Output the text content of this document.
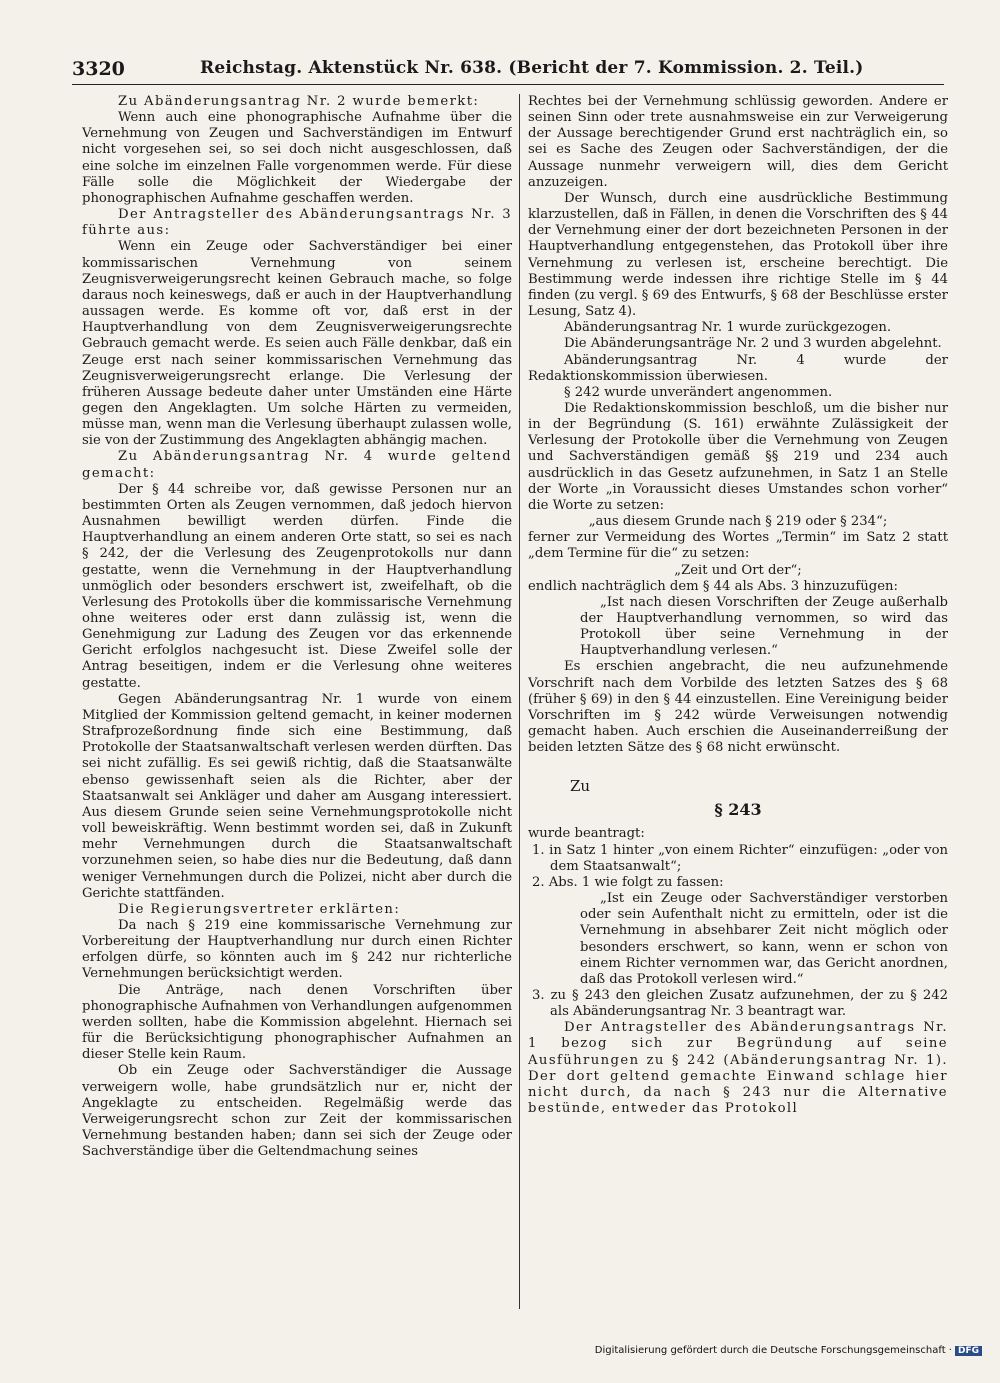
3320	Reichstag. Aktenstück Nr. 638. (Bericht der 7. Kommission. 2. Teil.)

Zu Abänderungsantrag Nr. 2 wurde bemerkt:

Wenn auch eine phonographische Aufnahme über die Vernehmung von Zeugen und Sachverständigen im Entwurf nicht vorgesehen sei, so sei doch nicht ausgeschlossen, daß eine solche im einzelnen Falle vorgenommen werde. Für diese Fälle solle die Möglichkeit der Wiedergabe der phonographischen Aufnahme geschaffen werden.

Der Antragsteller des Abänderungsantrags Nr. 3 führte aus:

Wenn ein Zeuge oder Sachverständiger bei einer kommissarischen Vernehmung von seinem Zeugnisverweigerungsrecht keinen Gebrauch mache, so folge daraus noch keineswegs, daß er auch in der Hauptverhandlung aussagen werde. Es komme oft vor, daß erst in der Hauptverhandlung von dem Zeugnisverweigerungsrechte Gebrauch gemacht werde. Es seien auch Fälle denkbar, daß ein Zeuge erst nach seiner kommissarischen Vernehmung das Zeugnisverweigerungsrecht erlange. Die Verlesung der früheren Aussage bedeute daher unter Umständen eine Härte gegen den Angeklagten. Um solche Härten zu vermeiden, müsse man, wenn man die Verlesung überhaupt zulassen wolle, sie von der Zustimmung des Angeklagten abhängig machen.

Zu Abänderungsantrag Nr. 4 wurde geltend gemacht:

Der § 44 schreibe vor, daß gewisse Personen nur an bestimmten Orten als Zeugen vernommen, daß jedoch hiervon Ausnahmen bewilligt werden dürfen. Finde die Hauptverhandlung an einem anderen Orte statt, so sei es nach § 242, der die Verlesung des Zeugenprotokolls nur dann gestatte, wenn die Vernehmung in der Hauptverhandlung unmöglich oder besonders erschwert ist, zweifelhaft, ob die Verlesung des Protokolls über die kommissarische Vernehmung ohne weiteres oder erst dann zulässig ist, wenn die Genehmigung zur Ladung des Zeugen vor das erkennende Gericht erfolglos nachgesucht ist. Diese Zweifel solle der Antrag beseitigen, indem er die Verlesung ohne weiteres gestatte.

Gegen Abänderungsantrag Nr. 1 wurde von einem Mitglied der Kommission geltend gemacht, in keiner modernen Strafprozeßordnung finde sich eine Bestimmung, daß Protokolle der Staatsanwaltschaft verlesen werden dürften. Das sei nicht zufällig. Es sei gewiß richtig, daß die Staatsanwälte ebenso gewissenhaft seien als die Richter, aber der Staatsanwalt sei Ankläger und daher am Ausgang interessiert. Aus diesem Grunde seien seine Vernehmungsprotokolle nicht voll beweiskräftig. Wenn bestimmt worden sei, daß in Zukunft mehr Vernehmungen durch die Staatsanwaltschaft vorzunehmen seien, so habe dies nur die Bedeutung, daß dann weniger Vernehmungen durch die Polizei, nicht aber durch die Gerichte stattfänden.

Die Regierungsvertreter erklärten:

Da nach § 219 eine kommissarische Vernehmung zur Vorbereitung der Hauptverhandlung nur durch einen Richter erfolgen dürfe, so könnten auch im § 242 nur richterliche Vernehmungen berücksichtigt werden.

Die Anträge, nach denen Vorschriften über phonographische Aufnahmen von Verhandlungen aufgenommen werden sollten, habe die Kommission abgelehnt. Hiernach sei für die Berücksichtigung phonographischer Aufnahmen an dieser Stelle kein Raum.

Ob ein Zeuge oder Sachverständiger die Aussage verweigern wolle, habe grundsätzlich nur er, nicht der Angeklagte zu entscheiden. Regelmäßig werde das Verweigerungsrecht schon zur Zeit der kommissarischen Vernehmung bestanden haben; dann sei sich der Zeuge oder Sachverständige über die Geltendmachung seines

Rechtes bei der Vernehmung schlüssig geworden. Andere er seinen Sinn oder trete ausnahmsweise ein zur Verweigerung der Aussage berechtigender Grund erst nachträglich ein, so sei es Sache des Zeugen oder Sachverständigen, der die Aussage nunmehr verweigern will, dies dem Gericht anzuzeigen.

Der Wunsch, durch eine ausdrückliche Bestimmung klarzustellen, daß in Fällen, in denen die Vorschriften des § 44 der Vernehmung einer der dort bezeichneten Personen in der Hauptverhandlung entgegenstehen, das Protokoll über ihre Vernehmung zu verlesen ist, erscheine berechtigt. Die Bestimmung werde indessen ihre richtige Stelle im § 44 finden (zu vergl. § 69 des Entwurfs, § 68 der Beschlüsse erster Lesung, Satz 4).

Abänderungsantrag Nr. 1 wurde zurückgezogen.

Die Abänderungsanträge Nr. 2 und 3 wurden abgelehnt.

Abänderungsantrag Nr. 4 wurde der Redaktionskommission überwiesen.

§ 242 wurde unverändert angenommen.

Die Redaktionskommission beschloß, um die bisher nur in der Begründung (S. 161) erwähnte Zulässigkeit der Verlesung der Protokolle über die Vernehmung von Zeugen und Sachverständigen gemäß §§ 219 und 234 auch ausdrücklich in das Gesetz aufzunehmen, in Satz 1 an Stelle der Worte „in Voraussicht dieses Umstandes schon vorher“ die Worte zu setzen:

„aus diesem Grunde nach § 219 oder § 234“;

ferner zur Vermeidung des Wortes „Termin“ im Satz 2 statt „dem Termine für die“ zu setzen:

„Zeit und Ort der“;

endlich nachträglich dem § 44 als Abs. 3 hinzuzufügen:

„Ist nach diesen Vorschriften der Zeuge außerhalb der Hauptverhandlung vernommen, so wird das Protokoll über seine Vernehmung in der Hauptverhandlung verlesen.“

Es erschien angebracht, die neu aufzunehmende Vorschrift nach dem Vorbilde des letzten Satzes des § 68 (früher § 69) in den § 44 einzustellen. Eine Vereinigung beider Vorschriften im § 242 würde Verweisungen notwendig gemacht haben. Auch erschien die Auseinanderreißung der beiden letzten Sätze des § 68 nicht erwünscht.

Zu
§ 243

wurde beantragt:

1. in Satz 1 hinter „von einem Richter“ einzufügen: „oder von dem Staatsanwalt“;

2. Abs. 1 wie folgt zu fassen:

„Ist ein Zeuge oder Sachverständiger verstorben oder sein Aufenthalt nicht zu ermitteln, oder ist die Vernehmung in absehbarer Zeit nicht möglich oder besonders erschwert, so kann, wenn er schon von einem Richter vernommen war, das Gericht anordnen, daß das Protokoll verlesen wird.“

3. zu § 243 den gleichen Zusatz aufzunehmen, der zu § 242 als Abänderungsantrag Nr. 3 beantragt war.

Der Antragsteller des Abänderungsantrags Nr. 1 bezog sich zur Begründung auf seine Ausführungen zu § 242 (Abänderungsantrag Nr. 1). Der dort geltend gemachte Einwand schlage hier nicht durch, da nach § 243 nur die Alternative bestünde, entweder das Protokoll

Digitalisierung gefördert durch die Deutsche Forschungsgemeinschaft · DFG
